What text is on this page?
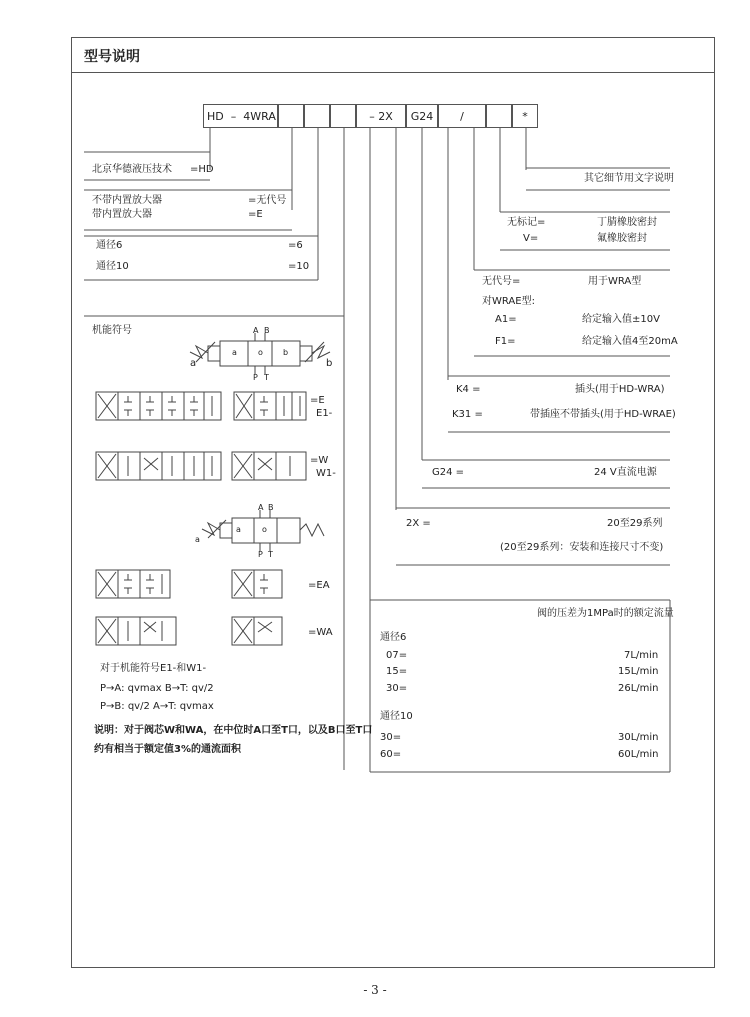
型号说明
HD – 4WRA	– 2X G24	/	*
北京华德液压技术 =HD
不带内置放大器	=无代号
带内置放大器	=E
通径6	=6
通径10	=10
其它细节用文字说明
无标记=	丁腈橡胶密封
V=	氟橡胶密封
无代号=	用于WRA型
对WRAE型:
A1=	给定输入值±10V
F1=	给定输入值4至20mA
K4 =	插头(用于HD-WRA)
K31 =	带插座不带插头(用于HD-WRAE)
G24 =	24 V直流电源
2X =	20至29系列
(20至29系列：安装和连接尺寸不变)
阀的压差为1MPa时的额定流量
通径6
07=	7L/min
15=	15L/min
30=	26L/min
通径10
30=	30L/min
60=	60L/min
机能符号
a	b
A B
P T
a	o	b
=E
E1-
=W
W1-
a
A B
P T
a	o
=EA
=WA
对于机能符号E1-和W1-
P→A: qvmax B→T: qv/2
P→B: qv/2 A→T: qvmax
说明：对于阀芯W和WA，在中位时A口至T口，以及B口至T口
约有相当于额定值3%的通流面积
- 3 -
